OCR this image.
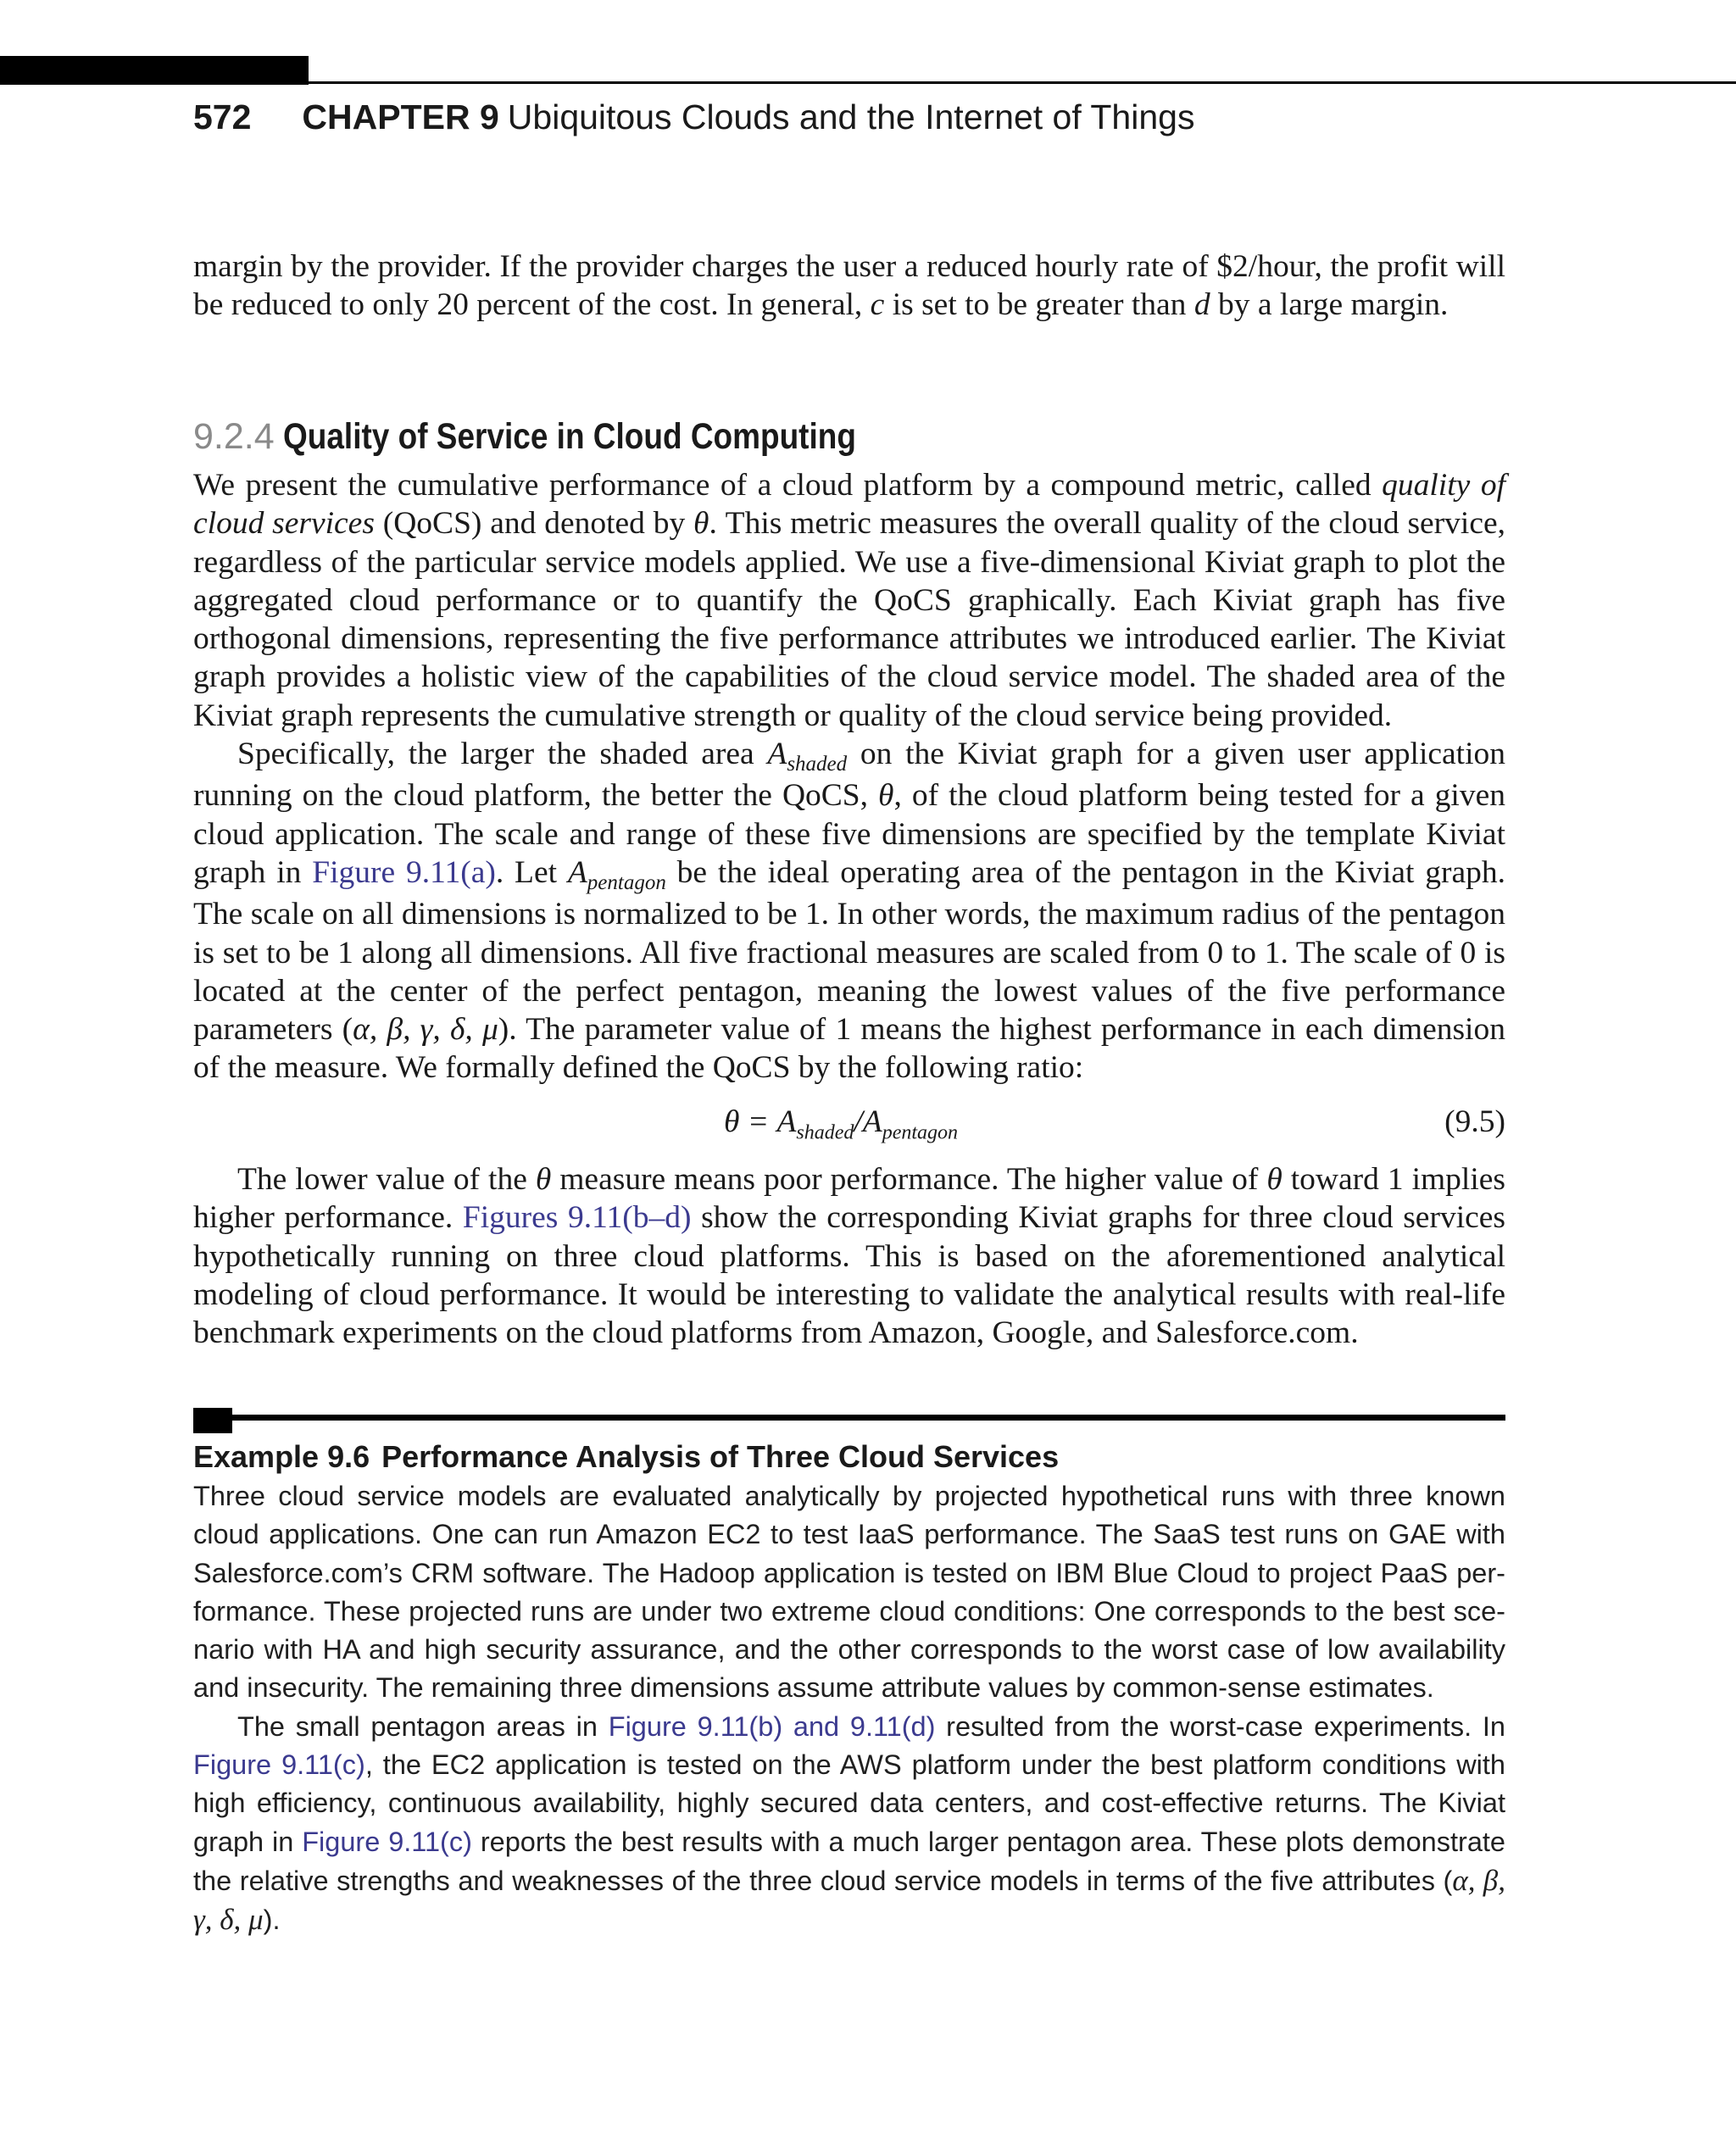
572 CHAPTER 9 Ubiquitous Clouds and the Internet of Things

margin by the provider. If the provider charges the user a reduced hourly rate of $2/hour, the profit will be reduced to only 20 percent of the cost. In general, c is set to be greater than d by a large margin.

9.2.4 Quality of Service in Cloud Computing

We present the cumulative performance of a cloud platform by a compound metric, called quality of cloud services (QoCS) and denoted by θ. This metric measures the overall quality of the cloud service, regardless of the particular service models applied. We use a five-dimensional Kiviat graph to plot the aggregated cloud performance or to quantify the QoCS graphically. Each Kiviat graph has five orthogonal dimensions, representing the five performance attributes we introduced earlier. The Kiviat graph provides a holistic view of the capabilities of the cloud service model. The shaded area of the Kiviat graph represents the cumulative strength or quality of the cloud service being provided.

Specifically, the larger the shaded area $A_{shaded}$ on the Kiviat graph for a given user application running on the cloud platform, the better the QoCS, θ, of the cloud platform being tested for a given cloud application. The scale and range of these five dimensions are specified by the template Kiviat graph in Figure 9.11(a). Let $A_{pentagon}$ be the ideal operating area of the pentagon in the Kiviat graph. The scale on all dimensions is normalized to be 1. In other words, the maximum radius of the pentagon is set to be 1 along all dimensions. All five fractional measures are scaled from 0 to 1. The scale of 0 is located at the center of the perfect pentagon, meaning the lowest values of the five performance parameters (α, β, γ, δ, μ). The parameter value of 1 means the highest performance in each dimension of the measure. We formally defined the QoCS by the following ratio:

$\theta = A_{shaded}/A_{pentagon}$	(9.5)

The lower value of the θ measure means poor performance. The higher value of θ toward 1 implies higher performance. Figures 9.11(b–d) show the corresponding Kiviat graphs for three cloud services hypothetically running on three cloud platforms. This is based on the aforementioned analytical modeling of cloud performance. It would be interesting to validate the analytical results with real-life benchmark experiments on the cloud platforms from Amazon, Google, and Salesforce.com.

Example 9.6 Performance Analysis of Three Cloud Services

Three cloud service models are evaluated analytically by projected hypothetical runs with three known cloud applications. One can run Amazon EC2 to test IaaS performance. The SaaS test runs on GAE with Salesforce.com’s CRM software. The Hadoop application is tested on IBM Blue Cloud to project PaaS performance. These projected runs are under two extreme cloud conditions: One corresponds to the best scenario with HA and high security assurance, and the other corresponds to the worst case of low availability and insecurity. The remaining three dimensions assume attribute values by common-sense estimates.

The small pentagon areas in Figure 9.11(b) and 9.11(d) resulted from the worst-case experiments. In Figure 9.11(c), the EC2 application is tested on the AWS platform under the best platform conditions with high efficiency, continuous availability, highly secured data centers, and cost-effective returns. The Kiviat graph in Figure 9.11(c) reports the best results with a much larger pentagon area. These plots demonstrate the relative strengths and weaknesses of the three cloud service models in terms of the five attributes (α, β, γ, δ, μ).
